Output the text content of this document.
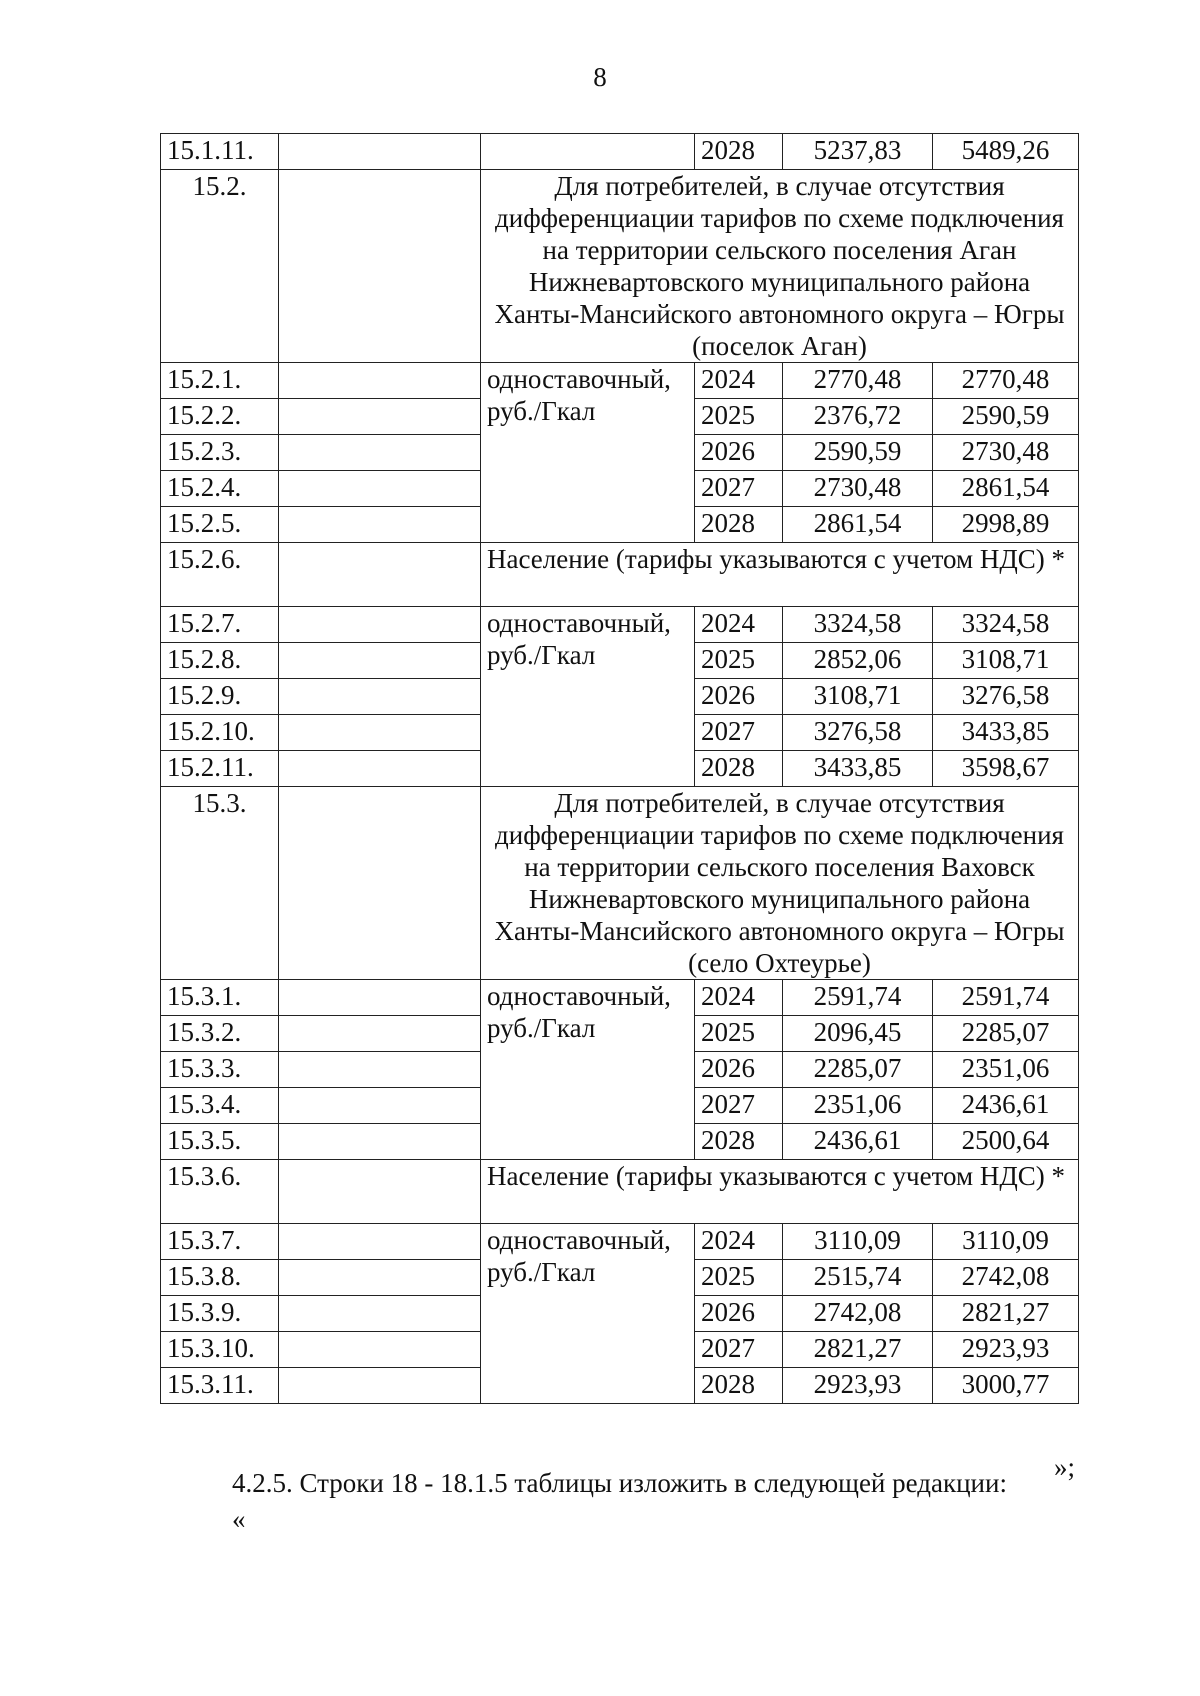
8
15.1.11.			2028	5237,83	5489,26
15.2.		Для потребителей, в случае отсутствия дифференциации тарифов по схеме подключения на территории сельского поселения Аган Нижневартовского муниципального района Ханты-Мансийского автономного округа – Югры (поселок Аган)			
15.2.1.		одноставочный, руб./Гкал	2024	2770,48	2770,48
15.2.2.			2025	2376,72	2590,59
15.2.3.			2026	2590,59	2730,48
15.2.4.			2027	2730,48	2861,54
15.2.5.			2028	2861,54	2998,89
15.2.6.		Население (тарифы указываются с учетом НДС) *			
15.2.7.		одноставочный, руб./Гкал	2024	3324,58	3324,58
15.2.8.			2025	2852,06	3108,71
15.2.9.			2026	3108,71	3276,58
15.2.10.			2027	3276,58	3433,85
15.2.11.			2028	3433,85	3598,67
15.3.		Для потребителей, в случае отсутствия дифференциации тарифов по схеме подключения на территории сельского поселения Ваховск Нижневартовского муниципального района Ханты-Мансийского автономного округа – Югры (село Охтеурье)			
15.3.1.		одноставочный, руб./Гкал	2024	2591,74	2591,74
15.3.2.			2025	2096,45	2285,07
15.3.3.			2026	2285,07	2351,06
15.3.4.			2027	2351,06	2436,61
15.3.5.			2028	2436,61	2500,64
15.3.6.		Население (тарифы указываются с учетом НДС) *			
15.3.7.		одноставочный, руб./Гкал	2024	3110,09	3110,09
15.3.8.			2025	2515,74	2742,08
15.3.9.			2026	2742,08	2821,27
15.3.10.			2027	2821,27	2923,93
15.3.11.			2028	2923,93	3000,77
»;
4.2.5. Строки 18 - 18.1.5 таблицы изложить в следующей редакции:
«
